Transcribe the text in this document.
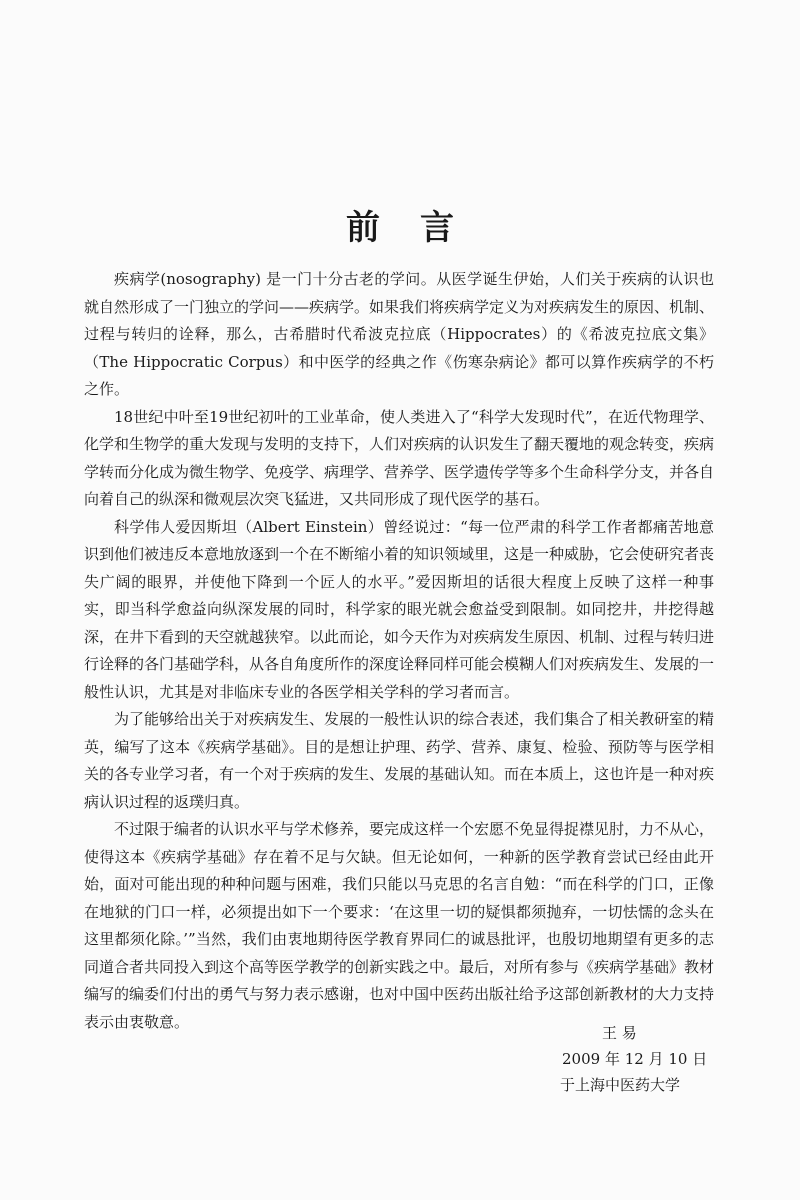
前 言

疾病学(nosography) 是一门十分古老的学问。从医学诞生伊始，人们关于疾病的认识也就自然形成了一门独立的学问——疾病学。如果我们将疾病学定义为对疾病发生的原因、机制、过程与转归的诠释，那么，古希腊时代希波克拉底（Hippocrates）的《希波克拉底文集》（The Hippocratic Corpus）和中医学的经典之作《伤寒杂病论》都可以算作疾病学的不朽之作。

18世纪中叶至19世纪初叶的工业革命，使人类进入了“科学大发现时代”，在近代物理学、化学和生物学的重大发现与发明的支持下，人们对疾病的认识发生了翻天覆地的观念转变，疾病学转而分化成为微生物学、免疫学、病理学、营养学、医学遗传学等多个生命科学分支，并各自向着自己的纵深和微观层次突飞猛进，又共同形成了现代医学的基石。

科学伟人爱因斯坦（Albert Einstein）曾经说过：“每一位严肃的科学工作者都痛苦地意识到他们被违反本意地放逐到一个在不断缩小着的知识领域里，这是一种威胁，它会使研究者丧失广阔的眼界，并使他下降到一个匠人的水平。”爱因斯坦的话很大程度上反映了这样一种事实，即当科学愈益向纵深发展的同时，科学家的眼光就会愈益受到限制。如同挖井，井挖得越深，在井下看到的天空就越狭窄。以此而论，如今天作为对疾病发生原因、机制、过程与转归进行诠释的各门基础学科，从各自角度所作的深度诠释同样可能会模糊人们对疾病发生、发展的一般性认识，尤其是对非临床专业的各医学相关学科的学习者而言。

为了能够给出关于对疾病发生、发展的一般性认识的综合表述，我们集合了相关教研室的精英，编写了这本《疾病学基础》。目的是想让护理、药学、营养、康复、检验、预防等与医学相关的各专业学习者，有一个对于疾病的发生、发展的基础认知。而在本质上，这也许是一种对疾病认识过程的返璞归真。

不过限于编者的认识水平与学术修养，要完成这样一个宏愿不免显得捉襟见肘，力不从心，使得这本《疾病学基础》存在着不足与欠缺。但无论如何，一种新的医学教育尝试已经由此开始，面对可能出现的种种问题与困难，我们只能以马克思的名言自勉：“而在科学的门口，正像在地狱的门口一样，必须提出如下一个要求：‘在这里一切的疑惧都须抛弃，一切怯懦的念头在这里都须化除。’”当然，我们由衷地期待医学教育界同仁的诚恳批评，也殷切地期望有更多的志同道合者共同投入到这个高等医学教学的创新实践之中。最后，对所有参与《疾病学基础》教材编写的编委们付出的勇气与努力表示感谢，也对中国中医药出版社给予这部创新教材的大力支持表示由衷敬意。

王 易
2009 年 12 月 10 日
于上海中医药大学
